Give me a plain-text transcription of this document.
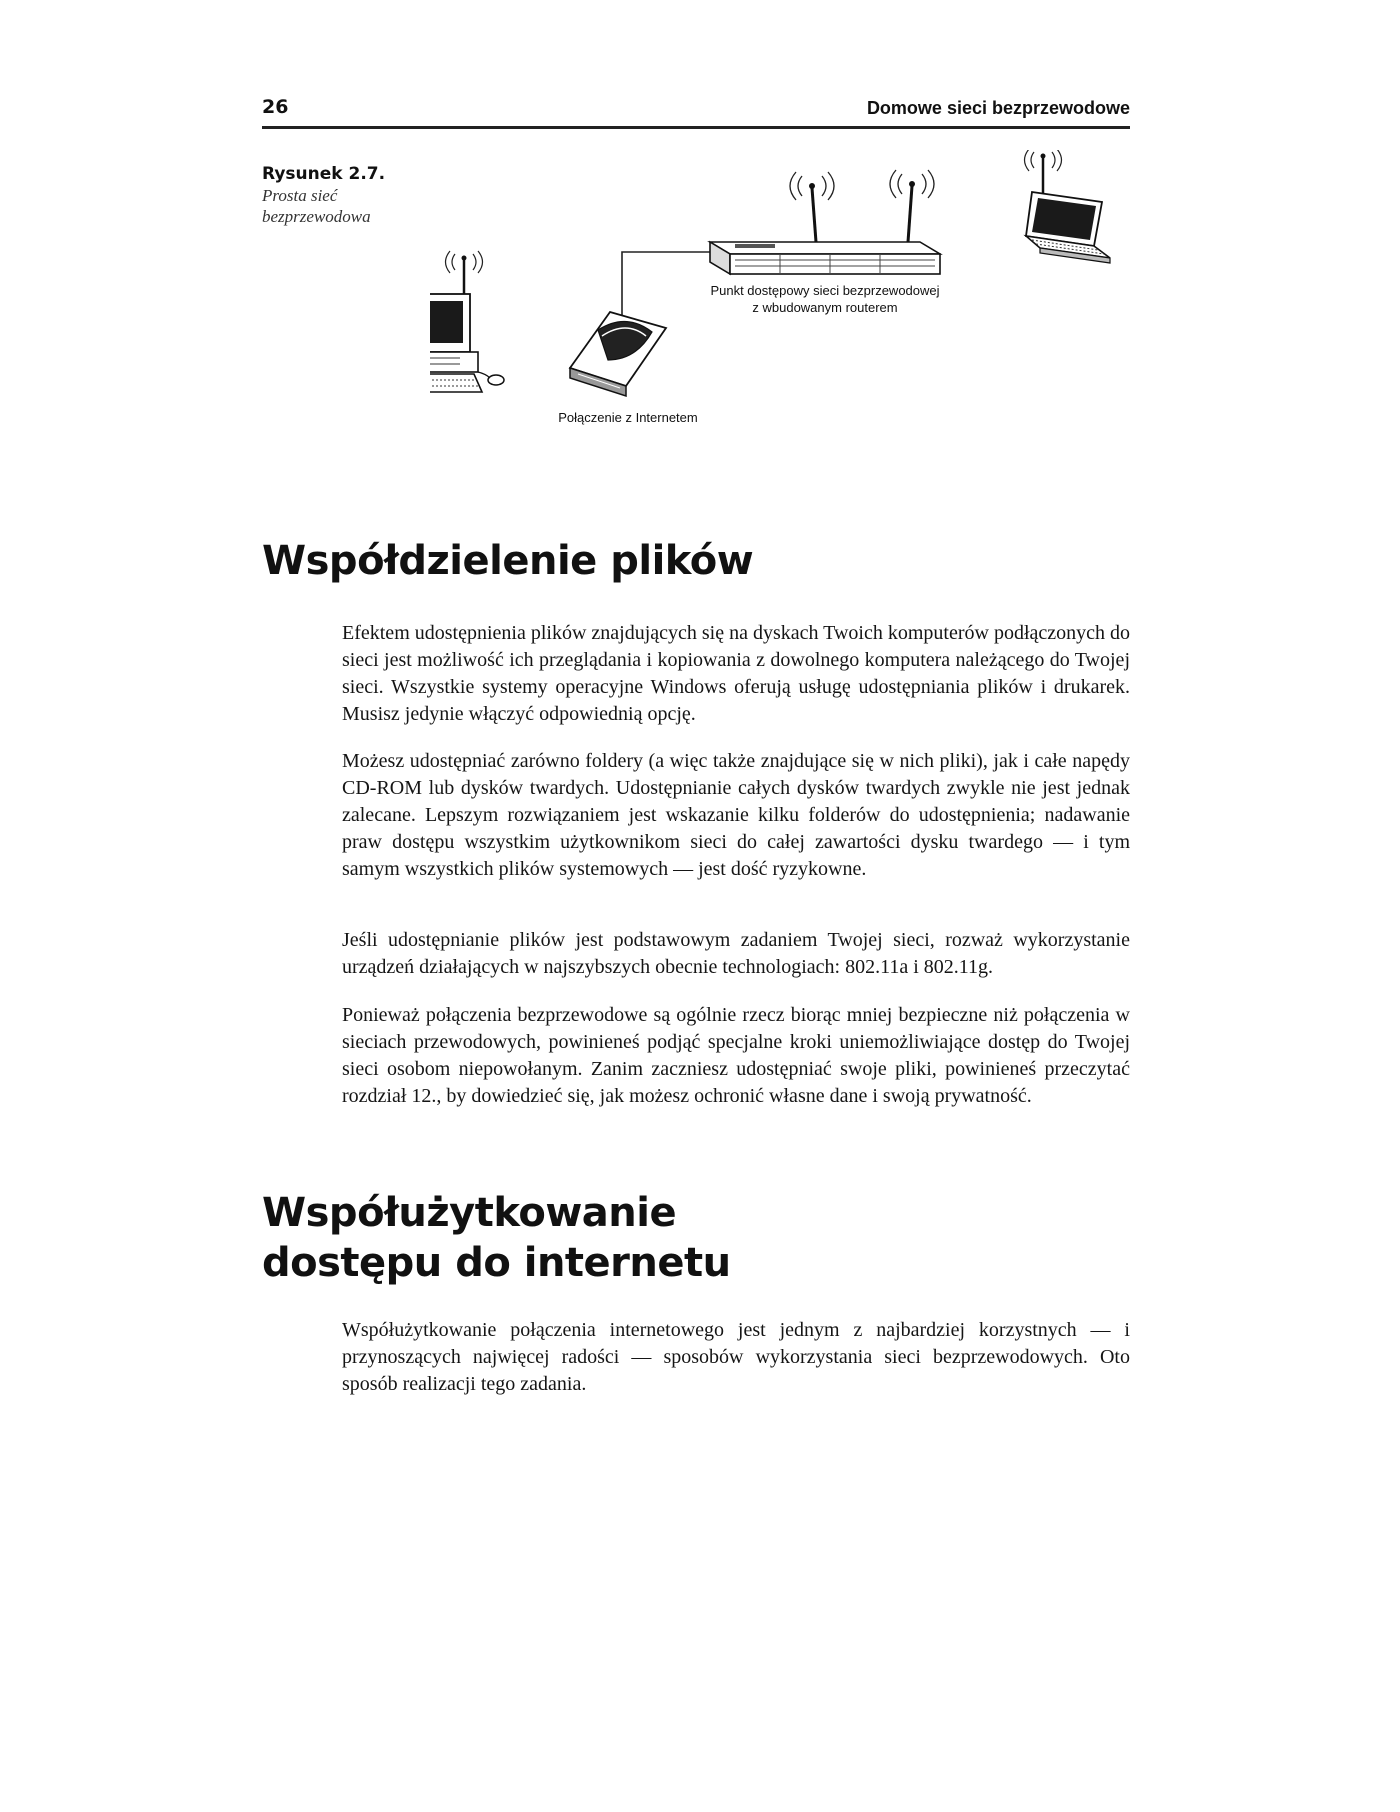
26	Domowe sieci bezprzewodowe
Rysunek 2.7.
Prosta sieć bezprzewodowa
Punkt dostępowy sieci bezprzewodowej
z wbudowanym routerem
Połączenie z Internetem
Współdzielenie plików

Efektem udostępnienia plików znajdujących się na dyskach Twoich komputerów podłączonych do sieci jest możliwość ich przeglądania i kopiowania z dowolnego komputera należącego do Twojej sieci. Wszystkie systemy operacyjne Windows oferują usługę udostępniania plików i drukarek. Musisz jedynie włączyć odpowiednią opcję.

Możesz udostępniać zarówno foldery (a więc także znajdujące się w nich pliki), jak i całe napędy CD-ROM lub dysków twardych. Udostępnianie całych dysków twardych zwykle nie jest jednak zalecane. Lepszym rozwiązaniem jest wskazanie kilku folderów do udostępnienia; nadawanie praw dostępu wszystkim użytkownikom sieci do całej zawartości dysku twardego — i tym samym wszystkich plików systemowych — jest dość ryzykowne.

Jeśli udostępnianie plików jest podstawowym zadaniem Twojej sieci, rozważ wykorzystanie urządzeń działających w najszybszych obecnie technologiach: 802.11a i 802.11g.

Ponieważ połączenia bezprzewodowe są ogólnie rzecz biorąc mniej bezpieczne niż połączenia w sieciach przewodowych, powinieneś podjąć specjalne kroki uniemożliwiające dostęp do Twojej sieci osobom niepowołanym. Zanim zaczniesz udostępniać swoje pliki, powinieneś przeczytać rozdział 12., by dowiedzieć się, jak możesz ochronić własne dane i swoją prywatność.

Współużytkowanie
dostępu do internetu

Współużytkowanie połączenia internetowego jest jednym z najbardziej korzystnych — i przynoszących najwięcej radości — sposobów wykorzystania sieci bezprzewodowych. Oto sposób realizacji tego zadania.
